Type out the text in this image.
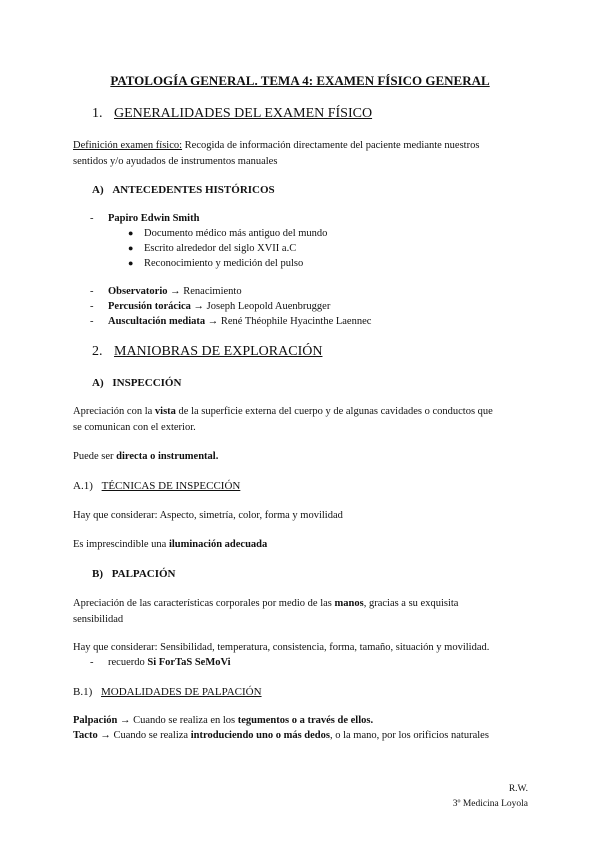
PATOLOGÍA GENERAL. TEMA 4: EXAMEN FÍSICO GENERAL
1. GENERALIDADES DEL EXAMEN FÍSICO
Definición examen físico: Recogida de información directamente del paciente mediante nuestros
sentidos y/o ayudados de instrumentos manuales
A) ANTECEDENTES HISTÓRICOS
- Papiro Edwin Smith
● Documento médico más antiguo del mundo
● Escrito alrededor del siglo XVII a.C
● Reconocimiento y medición del pulso
- Observatorio → Renacimiento
- Percusión torácica → Joseph Leopold Auenbrugger
- Auscultación mediata → René Théophile Hyacinthe Laennec
2. MANIOBRAS DE EXPLORACIÓN
A) INSPECCIÓN
Apreciación con la vista de la superficie externa del cuerpo y de algunas cavidades o conductos que
se comunican con el exterior.
Puede ser directa o instrumental.
A.1) TÉCNICAS DE INSPECCIÓN
Hay que considerar: Aspecto, simetría, color, forma y movilidad
Es imprescindible una iluminación adecuada
B) PALPACIÓN
Apreciación de las características corporales por medio de las manos, gracias a su exquisita
sensibilidad
Hay que considerar: Sensibilidad, temperatura, consistencia, forma, tamaño, situación y movilidad.
- recuerdo Si ForTaS SeMoVi
B.1) MODALIDADES DE PALPACIÓN
Palpación → Cuando se realiza en los tegumentos o a través de ellos.
Tacto → Cuando se realiza introduciendo uno o más dedos, o la mano, por los orificios naturales
R.W.
3º Medicina Loyola
